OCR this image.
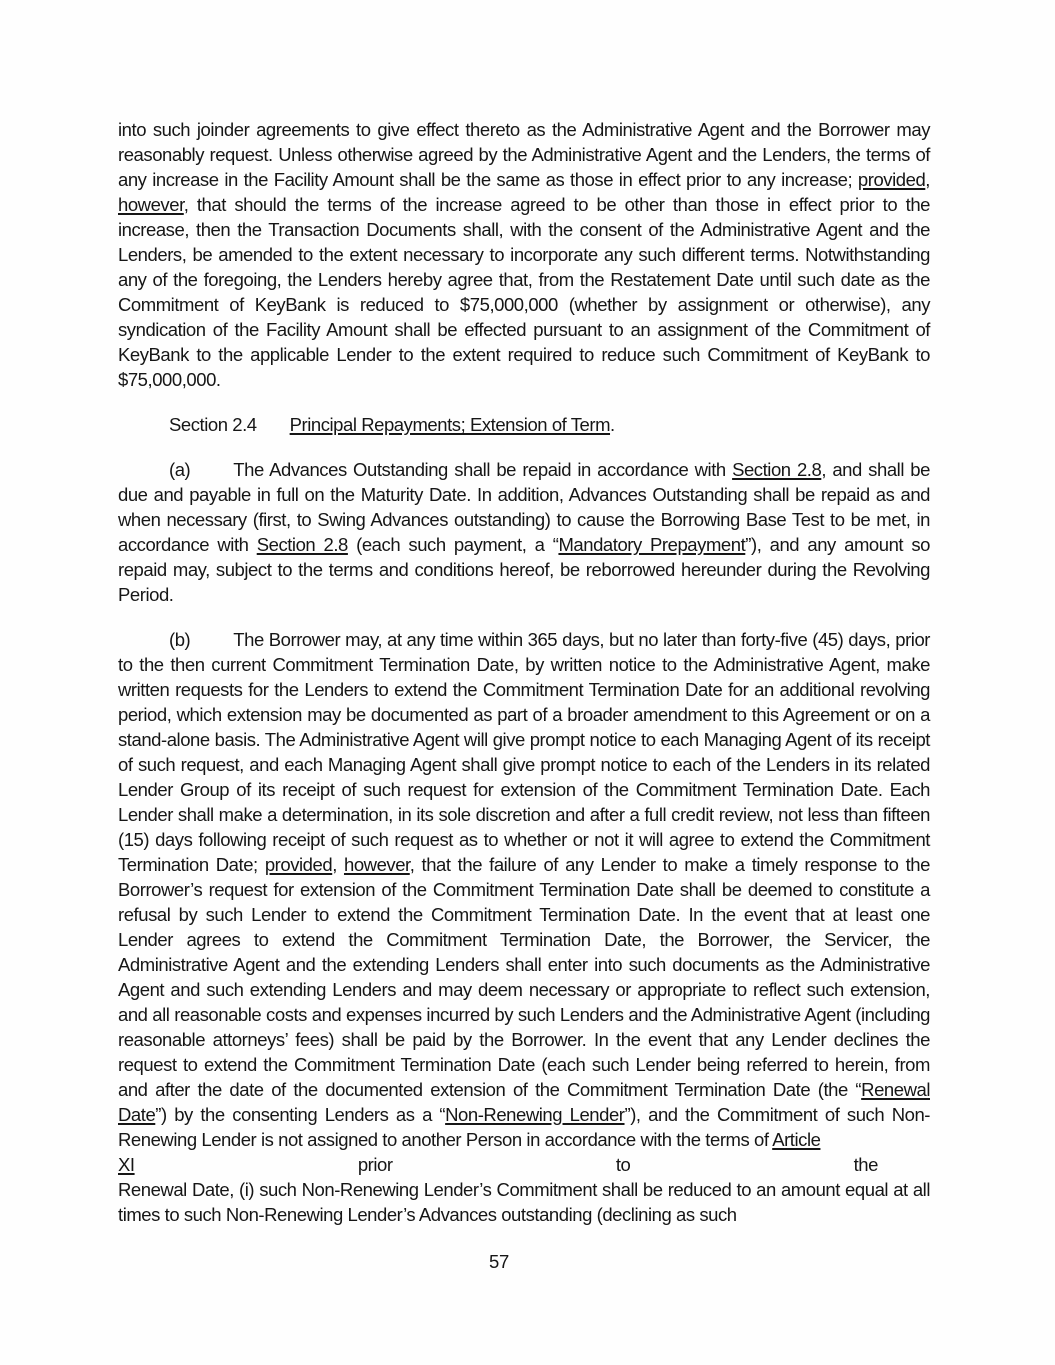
into such joinder agreements to give effect thereto as the Administrative Agent and the Borrower may reasonably request. Unless otherwise agreed by the Administrative Agent and the Lenders, the terms of any increase in the Facility Amount shall be the same as those in effect prior to any increase; provided, however, that should the terms of the increase agreed to be other than those in effect prior to the increase, then the Transaction Documents shall, with the consent of the Administrative Agent and the Lenders, be amended to the extent necessary to incorporate any such different terms. Notwithstanding any of the foregoing, the Lenders hereby agree that, from the Restatement Date until such date as the Commitment of KeyBank is reduced to $75,000,000 (whether by assignment or otherwise), any syndication of the Facility Amount shall be effected pursuant to an assignment of the Commitment of KeyBank to the applicable Lender to the extent required to reduce such Commitment of KeyBank to $75,000,000.

Section 2.4 Principal Repayments; Extension of Term.

(a) The Advances Outstanding shall be repaid in accordance with Section 2.8, and shall be due and payable in full on the Maturity Date. In addition, Advances Outstanding shall be repaid as and when necessary (first, to Swing Advances outstanding) to cause the Borrowing Base Test to be met, in accordance with Section 2.8 (each such payment, a “Mandatory Prepayment”), and any amount so repaid may, subject to the terms and conditions hereof, be reborrowed hereunder during the Revolving Period.

(b) The Borrower may, at any time within 365 days, but no later than forty-five (45) days, prior to the then current Commitment Termination Date, by written notice to the Administrative Agent, make written requests for the Lenders to extend the Commitment Termination Date for an additional revolving period, which extension may be documented as part of a broader amendment to this Agreement or on a stand-alone basis. The Administrative Agent will give prompt notice to each Managing Agent of its receipt of such request, and each Managing Agent shall give prompt notice to each of the Lenders in its related Lender Group of its receipt of such request for extension of the Commitment Termination Date. Each Lender shall make a determination, in its sole discretion and after a full credit review, not less than fifteen (15) days following receipt of such request as to whether or not it will agree to extend the Commitment Termination Date; provided, however, that the failure of any Lender to make a timely response to the Borrower’s request for extension of the Commitment Termination Date shall be deemed to constitute a refusal by such Lender to extend the Commitment Termination Date. In the event that at least one Lender agrees to extend the Commitment Termination Date, the Borrower, the Servicer, the Administrative Agent and the extending Lenders shall enter into such documents as the Administrative Agent and such extending Lenders and may deem necessary or appropriate to reflect such extension, and all reasonable costs and expenses incurred by such Lenders and the Administrative Agent (including reasonable attorneys’ fees) shall be paid by the Borrower. In the event that any Lender declines the request to extend the Commitment Termination Date (each such Lender being referred to herein, from and after the date of the documented extension of the Commitment Termination Date (the “Renewal Date”) by the consenting Lenders as a “Non-Renewing Lender”), and the Commitment of such Non-Renewing Lender is not assigned to another Person in accordance with the terms of Article

XI	prior	to	the

Renewal Date, (i) such Non-Renewing Lender’s Commitment shall be reduced to an amount equal at all times to such Non-Renewing Lender’s Advances outstanding (declining as such

57
